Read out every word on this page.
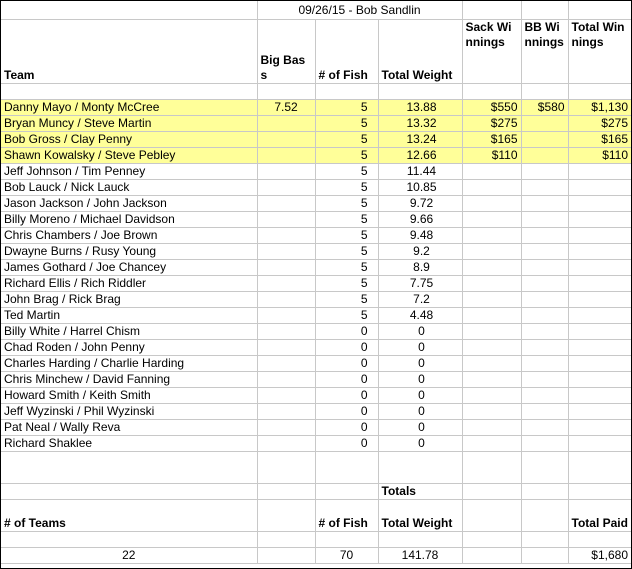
	09/26/15 - Bob Sandlin					
Team	Big Bass	# of Fish	Total Weight	Sack Winnings	BB Winnings	Total Winnings

Danny Mayo / Monty McCree	7.52	5	13.88	$550	$580	$1,130
Bryan Muncy / Steve Martin		5	13.32	$275		$275
Bob Gross / Clay Penny		5	13.24	$165		$165
Shawn Kowalsky / Steve Pebley		5	12.66	$110		$110
Jeff Johnson / Tim Penney		5	11.44			
Bob Lauck / Nick Lauck		5	10.85			
Jason Jackson / John Jackson		5	9.72			
Billy Moreno / Michael Davidson		5	9.66			
Chris Chambers / Joe Brown		5	9.48			
Dwayne Burns / Rusy Young		5	9.2			
James Gothard / Joe Chancey		5	8.9			
Richard Ellis / Rich Riddler		5	7.75			
John Brag / Rick Brag		5	7.2			
Ted Martin		5	4.48			
Billy White / Harrel Chism		0	0			
Chad Roden / John Penny		0	0			
Charles Harding / Charlie Harding		0	0			
Chris Minchew / David Fanning		0	0			
Howard Smith / Keith Smith		0	0			
Jeff Wyzinski / Phil Wyzinski		0	0			
Pat Neal / Wally Reva		0	0			
Richard Shaklee		0	0			

			Totals			
# of Teams		# of Fish	Total Weight			Total Paid

22		70	141.78			$1,680
